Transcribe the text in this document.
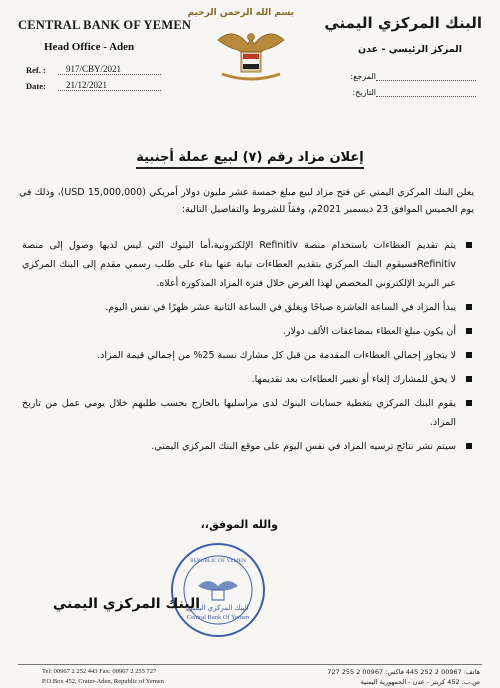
CENTRAL BANK OF YEMEN
Head Office - Aden
Ref. :	917/CBY/2021
Date:	21/12/2021
بسم الله الرحمن الرحيم
البنك المركزي اليمني
المركز الرئيسي - عدن
المرجع:
التاريخ:
إعلان مزاد رقم (٧) لبيع عملة أجنبية
يعلن البنك المركزي اليمني عن فتح مزاد لبيع مبلغ خمسة عشر مليون دولار أمريكي (15,000,000 USD)، وذلك في يوم الخميس الموافق 23 ديسمبر 2021م، وفقاً للشروط والتفاصيل التالية:
يتم تقديم العطاءات باستخدام منصة Refinitiv الإلكترونية،أما البنوك التي ليس لديها وصول إلى منصة Refinitivفسيقوم البنك المركزي بتقديم العطاءات نيابة عنها بناء على طلب رسمي مقدم إلى البنك المركزي عبر البريد الإلكتروني المخصص لهذا الغرض خلال فترة المزاد المذكورة أعلاه.
يبدأ المزاد في الساعة العاشرة صباحًا ويغلق في الساعة الثانية عشر ظهرًا في نفس اليوم.
أن يكون مبلغ العطاء بمضاعفات الألف دولار.
لا يتجاوز إجمالي العطاءات المقدمة من قبل كل مشارك نسبة 25% من إجمالي قيمة المزاد.
لا يحق للمشارك إلغاء أو تغيير العطاءات بعد تقديمها.
يقوم البنك المركزي بتغطية حسابات البنوك لدى مراسليها بالخارج بحسب طلبهم خلال يومي عمل من تاريخ المزاد.
سيتم نشر نتائج ترسيه المزاد في نفس اليوم على موقع البنك المركزي اليمني.
والله الموفق،،
البنك المركزي اليمني
Central Bank Of Yemen
REPUBLIC OF YEMEN
البنك المركزي اليمني
Tel: 00967 2 252 443 Fax: 00967 2 255 727
P.O.Box 452, Crater-Aden, Republic of Yemen
هاتف: 00967 2 252 445 فاكس: 00967 2 255 727
ص.ب: 452 كريتر - عدن - الجمهورية اليمنية
